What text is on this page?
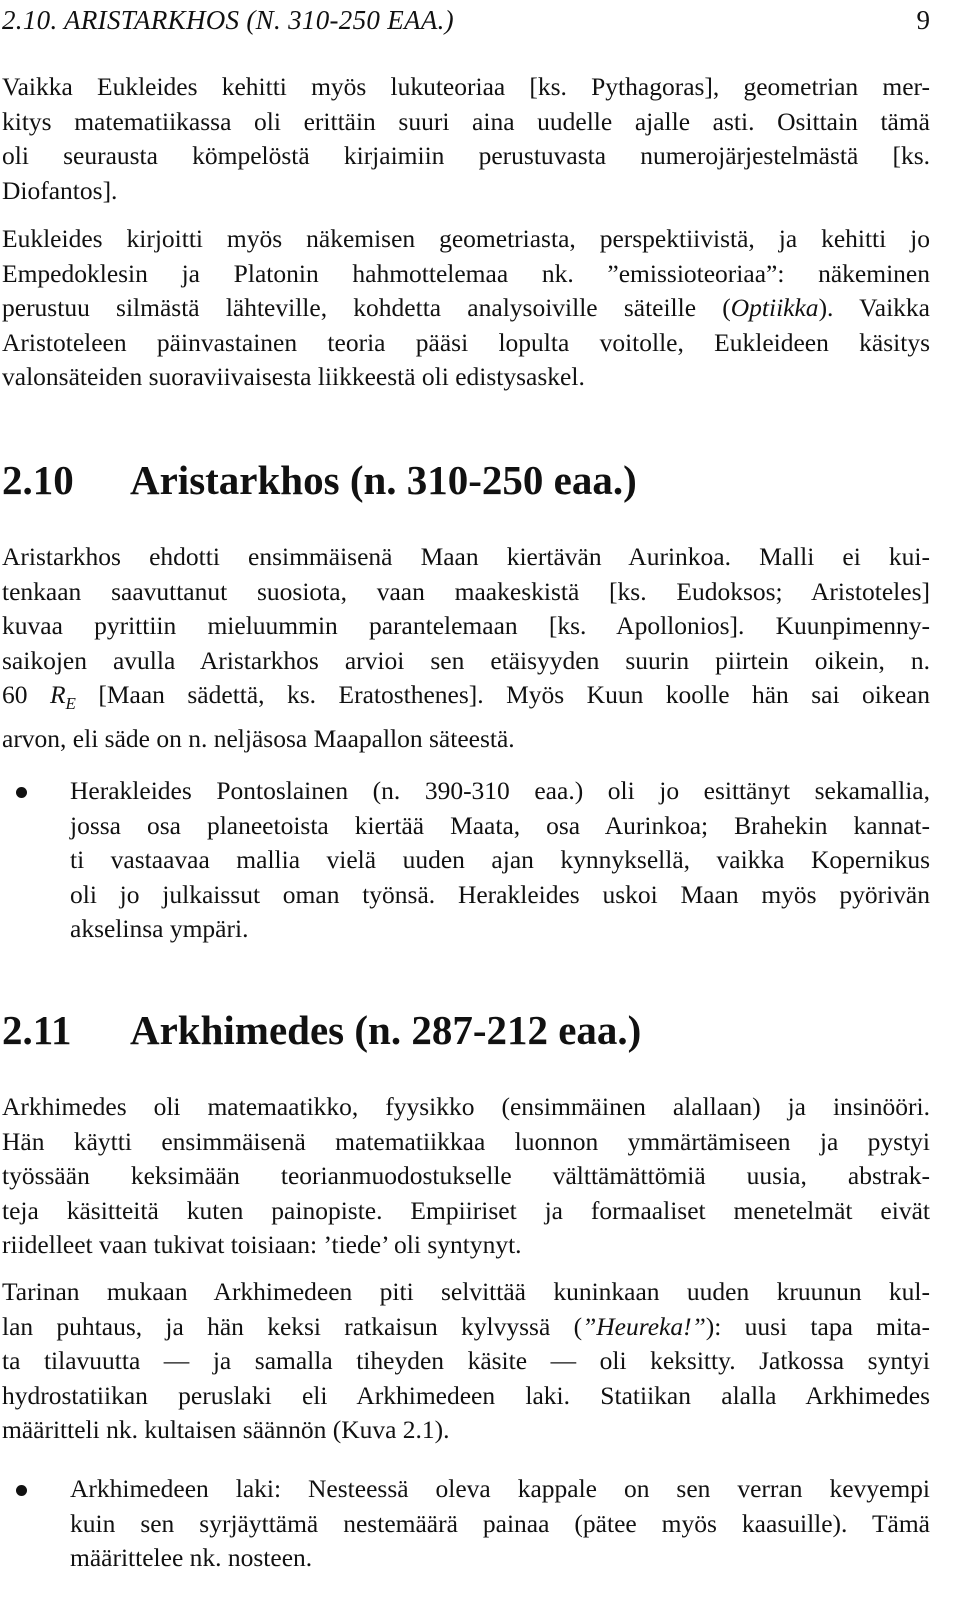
2.10. ARISTARKHOS (N. 310-250 EAA.)	9
Vaikka Eukleides kehitti myös lukuteoriaa [ks. Pythagoras], geometrian mer-
kitys matematiikassa oli erittäin suuri aina uudelle ajalle asti. Osittain tämä
oli seurausta kömpelöstä kirjaimiin perustuvasta numerojärjestelmästä [ks.
Diofantos].
Eukleides kirjoitti myös näkemisen geometriasta, perspektiivistä, ja kehitti jo
Empedoklesin ja Platonin hahmottelemaa nk. ”emissioteoriaa”: näkeminen
perustuu silmästä lähteville, kohdetta analysoiville säteille (Optiikka). Vaikka
Aristoteleen päinvastainen teoria pääsi lopulta voitolle, Eukleideen käsitys
valonsäteiden suoraviivaisesta liikkeestä oli edistysaskel.
2.10 Aristarkhos (n. 310-250 eaa.)
Aristarkhos ehdotti ensimmäisenä Maan kiertävän Aurinkoa. Malli ei kui-
tenkaan saavuttanut suosiota, vaan maakeskistä [ks. Eudoksos; Aristoteles]
kuvaa pyrittiin mieluummin parantelemaan [ks. Apollonios]. Kuunpimenny-
saikojen avulla Aristarkhos arvioi sen etäisyyden suurin piirtein oikein, n.
60 $R_E$ [Maan sädettä, ks. Eratosthenes]. Myös Kuun koolle hän sai oikean
arvon, eli säde on n. neljäsosa Maapallon säteestä.
Herakleides Pontoslainen (n. 390-310 eaa.) oli jo esittänyt sekamallia,
jossa osa planeetoista kiertää Maata, osa Aurinkoa; Brahekin kannat-
ti vastaavaa mallia vielä uuden ajan kynnyksellä, vaikka Kopernikus
oli jo julkaissut oman työnsä. Herakleides uskoi Maan myös pyörivän
akselinsa ympäri.
2.11 Arkhimedes (n. 287-212 eaa.)
Arkhimedes oli matemaatikko, fyysikko (ensimmäinen alallaan) ja insinööri.
Hän käytti ensimmäisenä matematiikkaa luonnon ymmärtämiseen ja pystyi
työssään keksimään teorianmuodostukselle välttämättömiä uusia, abstrak-
teja käsitteitä kuten painopiste. Empiiriset ja formaaliset menetelmät eivät
riidelleet vaan tukivat toisiaan: ’tiede’ oli syntynyt.
Tarinan mukaan Arkhimedeen piti selvittää kuninkaan uuden kruunun kul-
lan puhtaus, ja hän keksi ratkaisun kylvyssä (”Heureka!”): uusi tapa mita-
ta tilavuutta — ja samalla tiheyden käsite — oli keksitty. Jatkossa syntyi
hydrostatiikan peruslaki eli Arkhimedeen laki. Statiikan alalla Arkhimedes
määritteli nk. kultaisen säännön (Kuva 2.1).
Arkhimedeen laki: Nesteessä oleva kappale on sen verran kevyempi
kuin sen syrjäyttämä nestemäärä painaa (pätee myös kaasuille). Tämä
määrittelee nk. nosteen.
